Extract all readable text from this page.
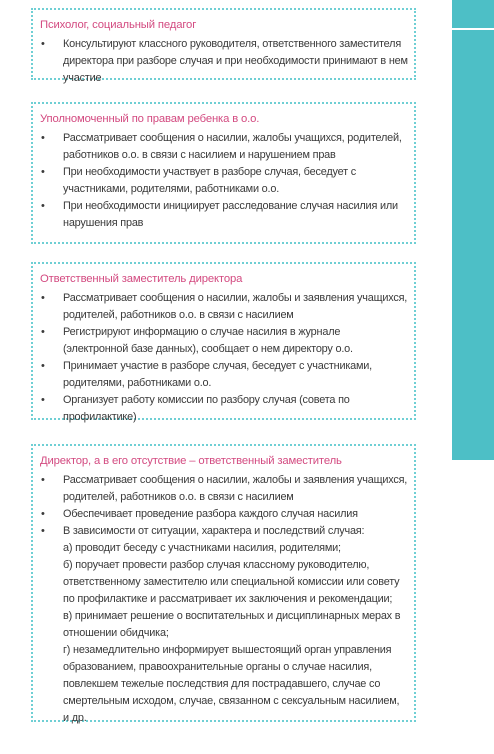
Психолог, социальный педагог
• Консультируют классного руководителя, ответственного заместителя директора при разборе случая и при необходимости принимают в нем участие
Уполномоченный по правам ребенка в о.о.
• Рассматривает сообщения о насилии, жалобы учащихся, родителей, работников о.о. в связи с насилием и нарушением прав
• При необходимости участвует в разборе случая, беседует с участниками, родителями, работниками о.о.
• При необходимости инициирует расследование случая насилия или нарушения прав
Ответственный заместитель директора
• Рассматривает сообщения о насилии, жалобы и заявления учащихся, родителей, работников о.о. в связи с насилием
• Регистрируют информацию о случае насилия в журнале (электронной базе данных), сообщает о нем директору о.о.
• Принимает участие в разборе случая, беседует с участниками, родителями, работниками о.о.
• Организует работу комиссии по разбору случая (совета по профилактике)
Директор, а в его отсутствие – ответственный заместитель
• Рассматривает сообщения о насилии, жалобы и заявления учащихся, родителей, работников о.о. в связи с насилием
• Обеспечивает проведение разбора каждого случая насилия
• В зависимости от ситуации, характера и последствий случая:
а) проводит беседу с участниками насилия, родителями;
б) поручает провести разбор случая классному руководителю, ответственному заместителю или специальной комиссии или совету по профилактике и рассматривает их заключения и рекомендации;
в) принимает решение о воспитательных и дисциплинарных мерах в отношении обидчика;
г) незамедлительно информирует вышестоящий орган управления образованием, правоохранительные органы о случае насилия, повлекшем тежелые последствия для пострадавшего, случае со смертельным исходом, случае, связанном с сексуальным насилием, и др.
